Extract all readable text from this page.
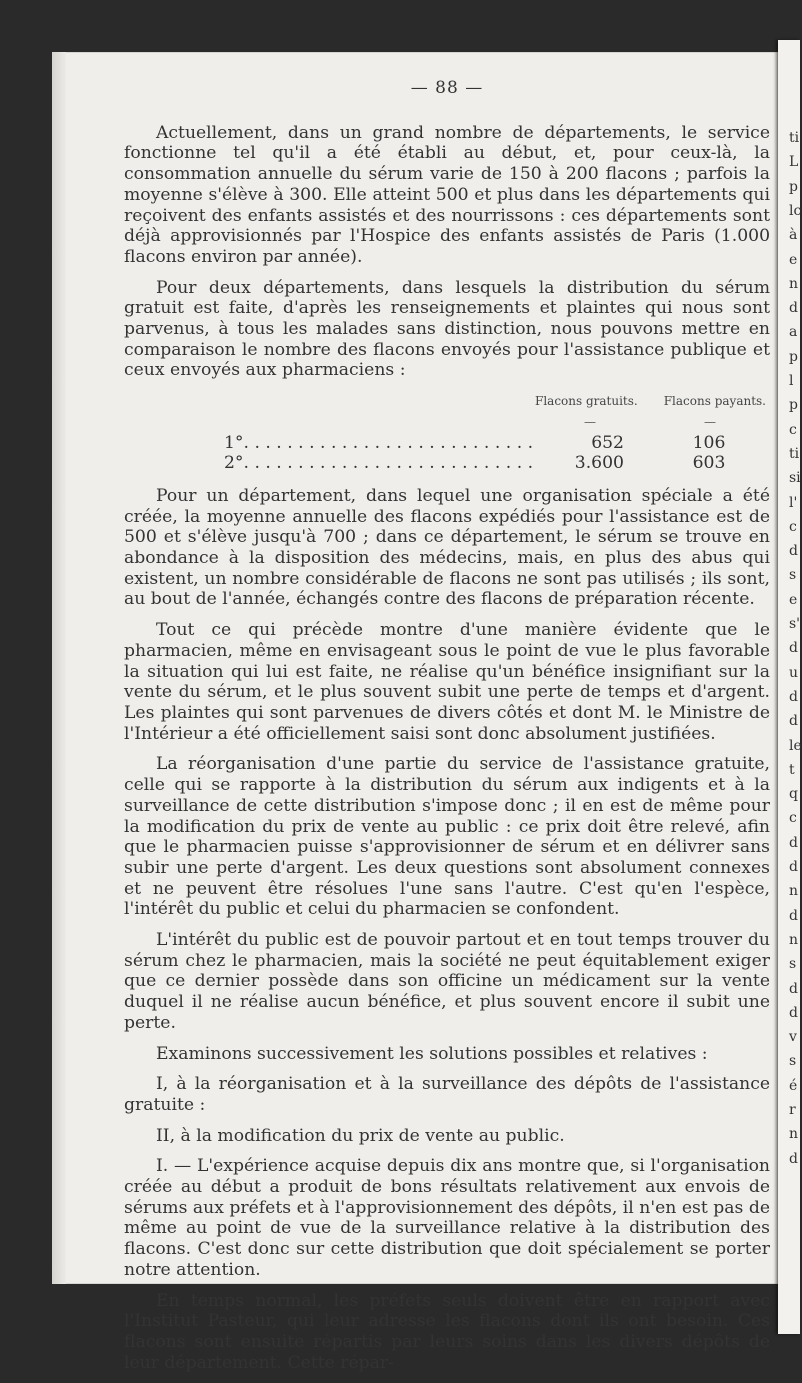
— 88 —

Actuellement, dans un grand nombre de départements, le service fonctionne tel qu'il a été établi au début, et, pour ceux-là, la consommation annuelle du sérum varie de 150 à 200 flacons ; parfois la moyenne s'élève à 300. Elle atteint 500 et plus dans les départements qui reçoivent des enfants assistés et des nourrissons : ces départements sont déjà approvisionnés par l'Hospice des enfants assistés de Paris (1.000 flacons environ par année).

Pour deux départements, dans lesquels la distribution du sérum gratuit est faite, d'après les renseignements et plaintes qui nous sont parvenus, à tous les malades sans distinction, nous pouvons mettre en comparaison le nombre des flacons envoyés pour l'assistance publique et ceux envoyés aux pharmaciens :

Flacons gratuits. Flacons payants.
—	—
1°. . . . . . . . . . . . . . . . . . . . . . . . . . .	652	106
2°. . . . . . . . . . . . . . . . . . . . . . . . . . .	3.600	603

Pour un département, dans lequel une organisation spéciale a été créée, la moyenne annuelle des flacons expédiés pour l'assistance est de 500 et s'élève jusqu'à 700 ; dans ce département, le sérum se trouve en abondance à la disposition des médecins, mais, en plus des abus qui existent, un nombre considérable de flacons ne sont pas utilisés ; ils sont, au bout de l'année, échangés contre des flacons de préparation récente.

Tout ce qui précède montre d'une manière évidente que le pharmacien, même en envisageant sous le point de vue le plus favorable la situation qui lui est faite, ne réalise qu'un bénéfice insignifiant sur la vente du sérum, et le plus souvent subit une perte de temps et d'argent. Les plaintes qui sont parvenues de divers côtés et dont M. le Ministre de l'Intérieur a été officiellement saisi sont donc absolument justifiées.

La réorganisation d'une partie du service de l'assistance gratuite, celle qui se rapporte à la distribution du sérum aux indigents et à la surveillance de cette distribution s'impose donc ; il en est de même pour la modification du prix de vente au public : ce prix doit être relevé, afin que le pharmacien puisse s'approvisionner de sérum et en délivrer sans subir une perte d'argent. Les deux questions sont absolument connexes et ne peuvent être résolues l'une sans l'autre. C'est qu'en l'espèce, l'intérêt du public et celui du pharmacien se confondent.

L'intérêt du public est de pouvoir partout et en tout temps trouver du sérum chez le pharmacien, mais la société ne peut équitablement exiger que ce dernier possède dans son officine un médicament sur la vente duquel il ne réalise aucun bénéfice, et plus souvent encore il subit une perte.

Examinons successivement les solutions possibles et relatives :

I, à la réorganisation et à la surveillance des dépôts de l'assistance gratuite :

II, à la modification du prix de vente au public.

I. — L'expérience acquise depuis dix ans montre que, si l'organisation créée au début a produit de bons résultats relativement aux envois de sérums aux préfets et à l'approvisionnement des dépôts, il n'en est pas de même au point de vue de la surveillance relative à la distribution des flacons. C'est donc sur cette distribution que doit spécialement se porter notre attention.

En temps normal, les préfets seuls doivent être en rapport avec l'Institut Pasteur, qui leur adresse les flacons dont ils ont besoin. Ces flacons sont ensuite répartis par leurs soins dans les divers dépôts de leur département. Cette répar-

ti
L
p
lc
à
e
n
d
a
p
l
p
c
ti
si
l'
c
d
s
e
s'
d
u
d
d
le
t
q
c
d
d
n
d
n
s
d
d
v
s
é
r
n
d
